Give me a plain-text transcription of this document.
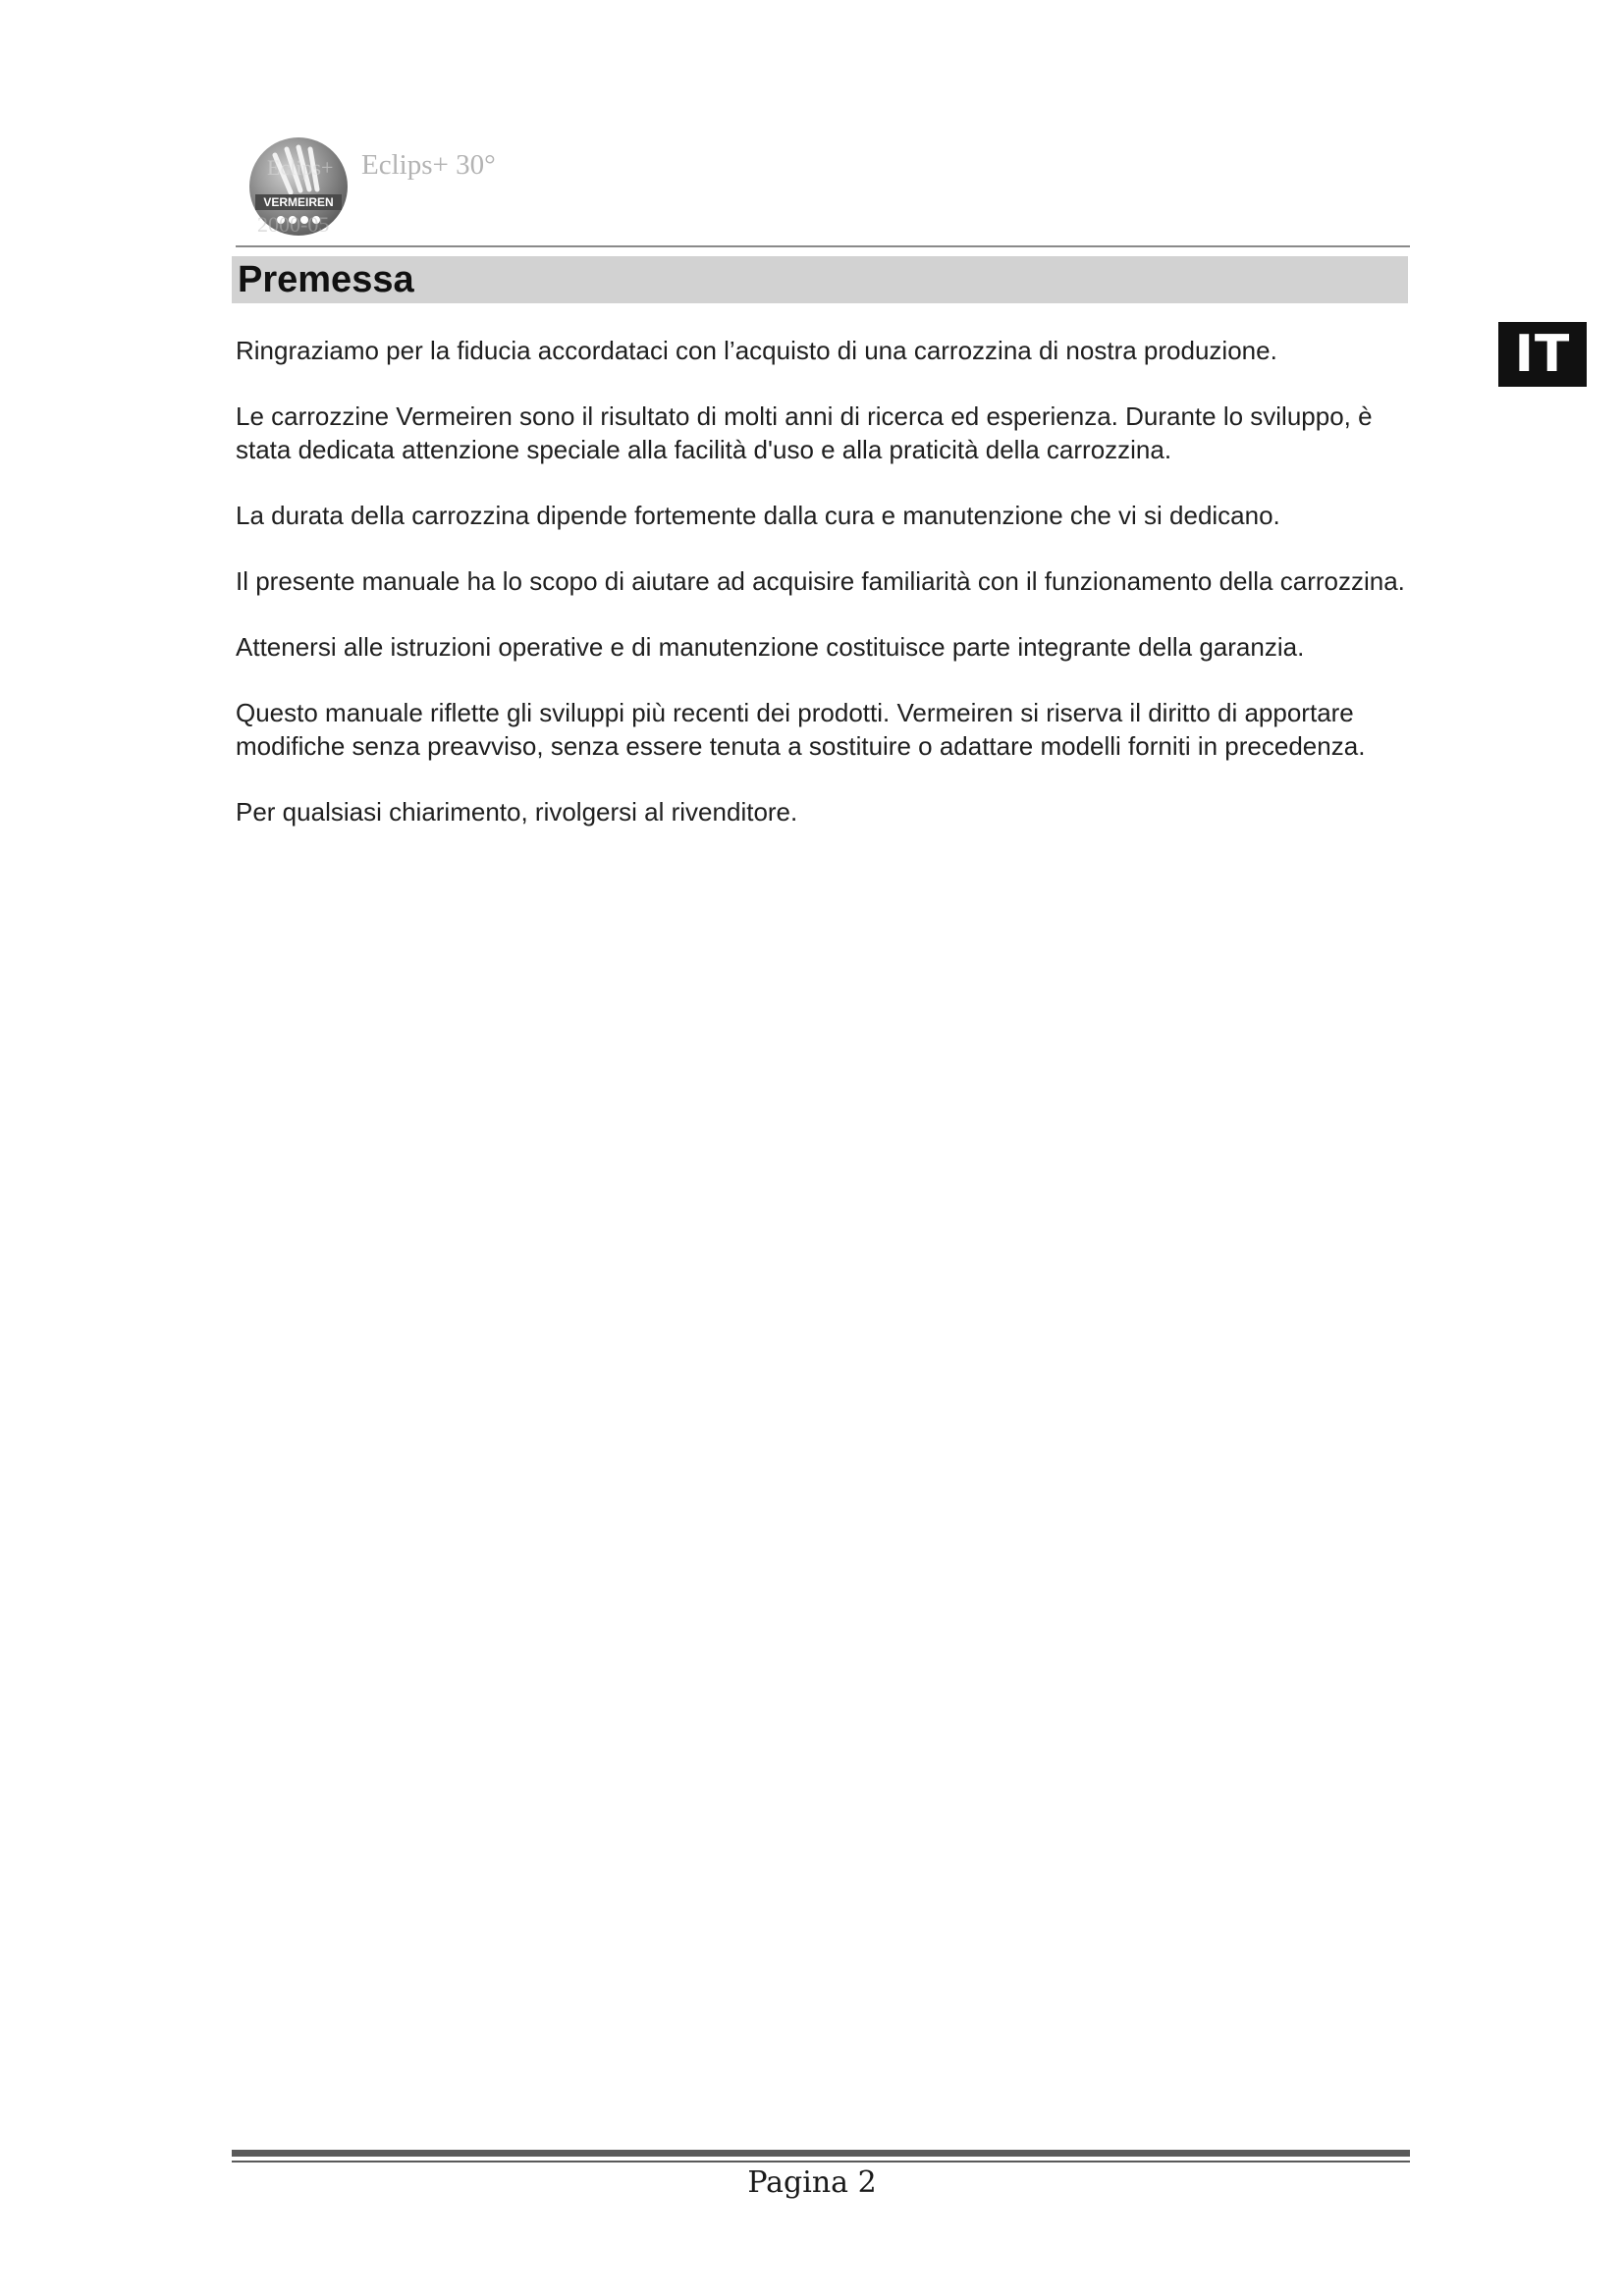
VERMEIREN
Eclips+
2000-05
Eclips+ 30°
Premessa
IT

Ringraziamo per la fiducia accordataci con l’acquisto di una carrozzina di nostra produzione.

Le carrozzine Vermeiren sono il risultato di molti anni di ricerca ed esperienza. Durante lo sviluppo, è stata dedicata attenzione speciale alla facilità d'uso e alla praticità della carrozzina.

La durata della carrozzina dipende fortemente dalla cura e manutenzione che vi si dedicano.

Il presente manuale ha lo scopo di aiutare ad acquisire familiarità con il funzionamento della carrozzina.

Attenersi alle istruzioni operative e di manutenzione costituisce parte integrante della garanzia.

Questo manuale riflette gli sviluppi più recenti dei prodotti. Vermeiren si riserva il diritto di apportare modifiche senza preavviso, senza essere tenuta a sostituire o adattare modelli forniti in precedenza.

Per qualsiasi chiarimento, rivolgersi al rivenditore.

Pagina 2
